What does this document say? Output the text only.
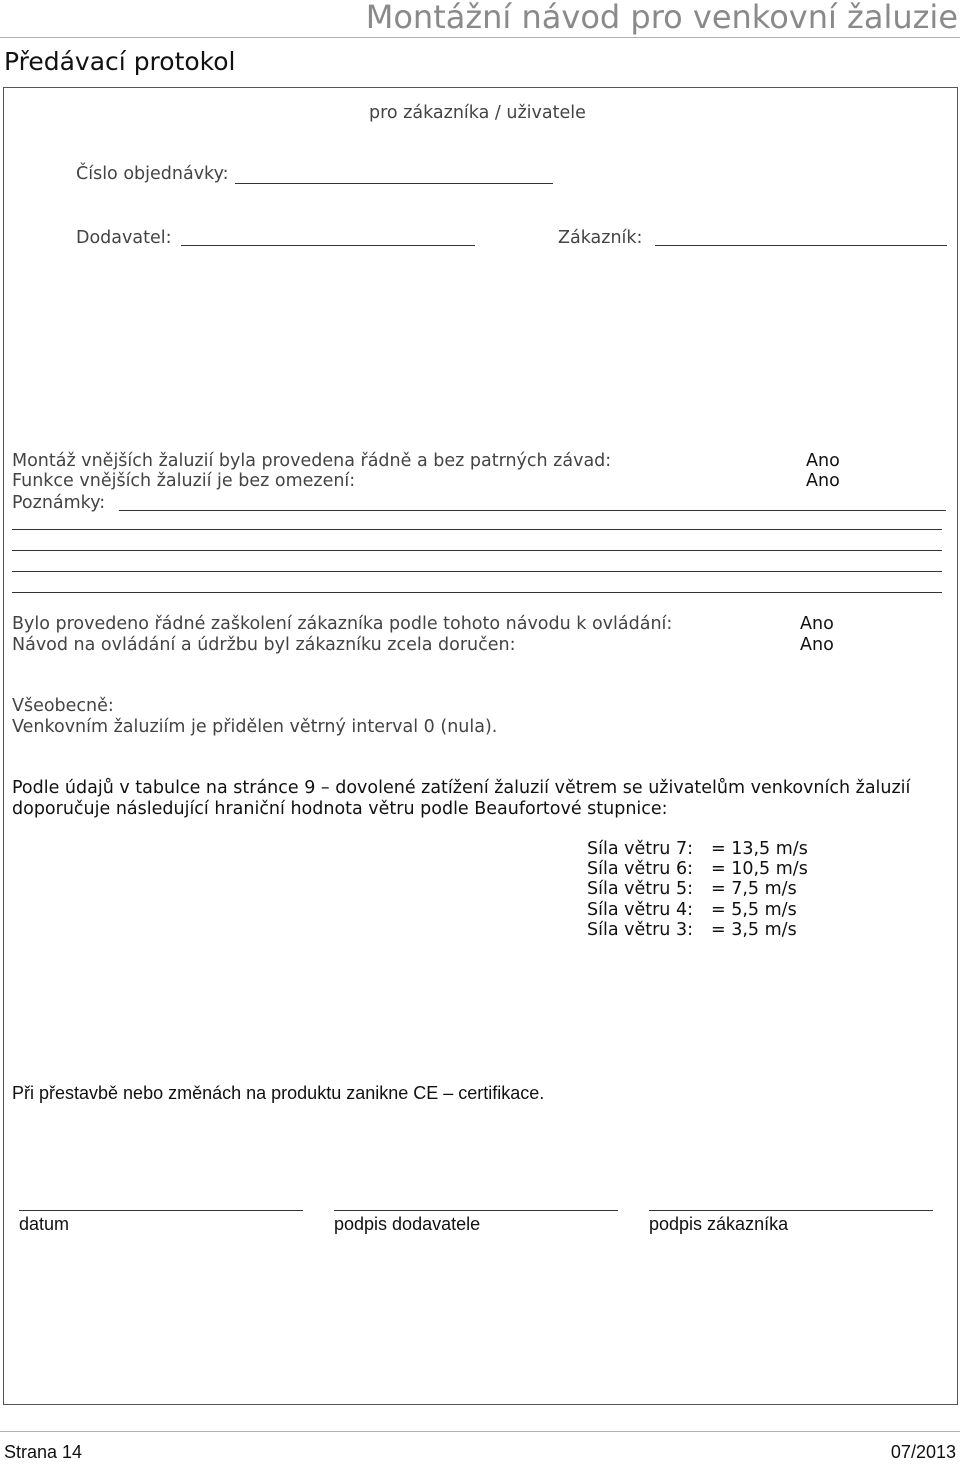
Montážní návod pro venkovní žaluzie
Předávací protokol
pro zákazníka / uživatele
Číslo objednávky:
Dodavatel:	Zákazník:
Montáž vnějších žaluzií byla provedena řádně a bez patrných závad:	Ano
Funkce vnějších žaluzií je bez omezení:	Ano
Poznámky:
Bylo provedeno řádné zaškolení zákazníka podle tohoto návodu k ovládání:	Ano
Návod na ovládání a údržbu byl zákazníku zcela doručen:	Ano
Všeobecně:
Venkovním žaluziím je přidělen větrný interval 0 (nula).
Podle údajů v tabulce na stránce 9 – dovolené zatížení žaluzií větrem se uživatelům venkovních žaluzií
doporučuje následující hraniční hodnota větru podle Beaufortové stupnice:
Síla větru 7: = 13,5 m/s
Síla větru 6: = 10,5 m/s
Síla větru 5: = 7,5 m/s
Síla větru 4: = 5,5 m/s
Síla větru 3: = 3,5 m/s
Při přestavbě nebo změnách na produktu zanikne CE – certifikace.
datum	podpis dodavatele	podpis zákazníka
Strana 14	07/2013
